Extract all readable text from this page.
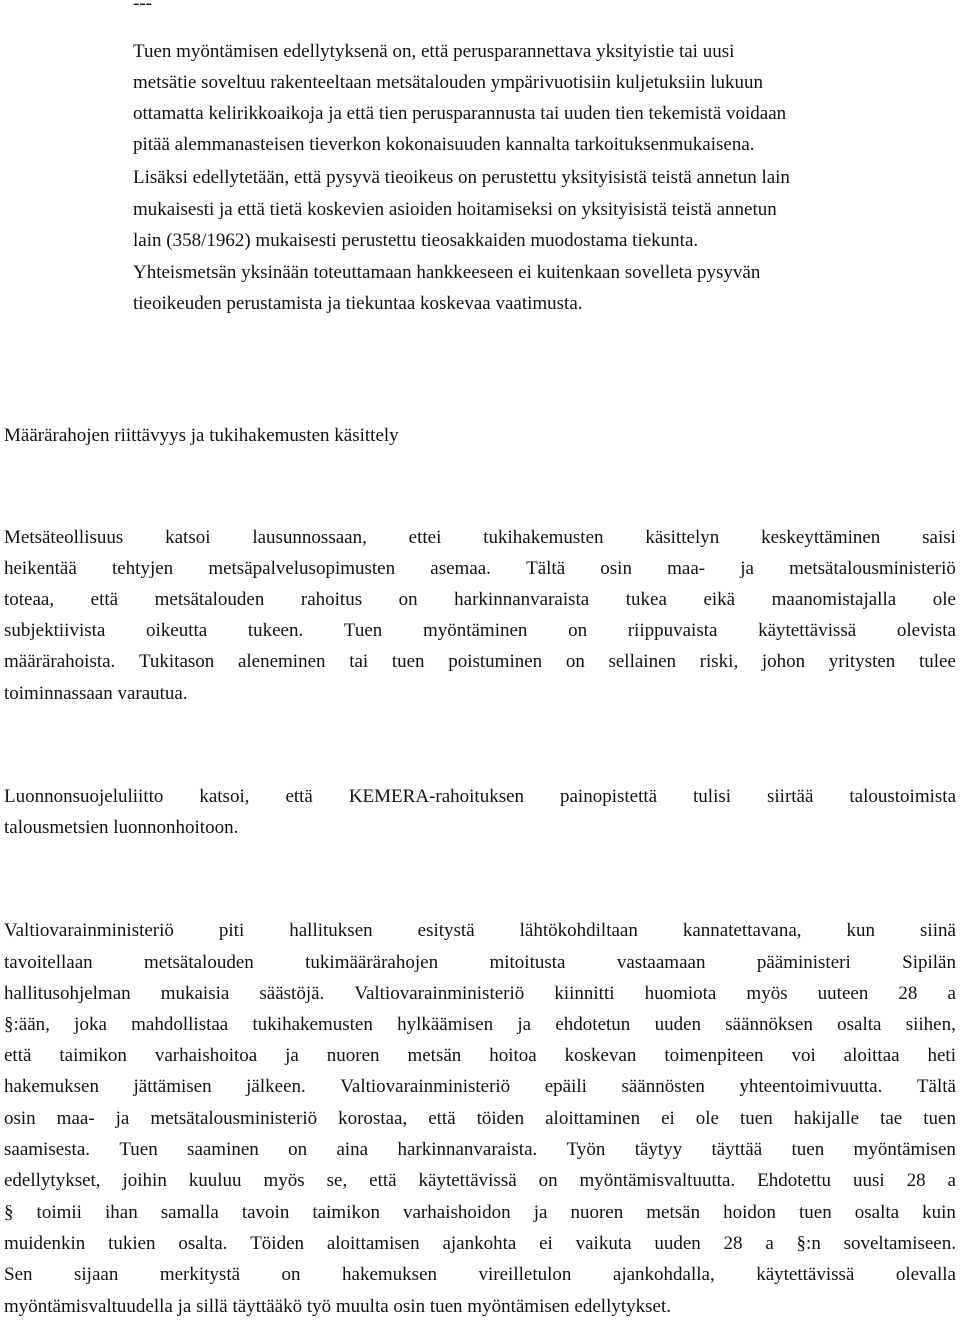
---

Tuen myöntämisen edellytyksenä on, että perusparannettava yksityistie tai uusi

metsätie soveltuu rakenteeltaan metsätalouden ympärivuotisiin kuljetuksiin lukuun

ottamatta kelirikkoaikoja ja että tien perusparannusta tai uuden tien tekemistä voidaan

pitää alemmanasteisen tieverkon kokonaisuuden kannalta tarkoituksenmukaisena.

Lisäksi edellytetään, että pysyvä tieoikeus on perustettu yksityisistä teistä annetun lain

mukaisesti ja että tietä koskevien asioiden hoitamiseksi on yksityisistä teistä annetun

lain (358/1962) mukaisesti perustettu tieosakkaiden muodostama tiekunta.

Yhteismetsän yksinään toteuttamaan hankkeeseen ei kuitenkaan sovelleta pysyvän

tieoikeuden perustamista ja tiekuntaa koskevaa vaatimusta.

Määrärahojen riittävyys ja tukihakemusten käsittely

Metsäteollisuus katsoi lausunnossaan, ettei tukihakemusten käsittelyn keskeyttäminen saisi

heikentää tehtyjen metsäpalvelusopimusten asemaa. Tältä osin maa- ja metsätalousministeriö

toteaa, että metsätalouden rahoitus on harkinnanvaraista tukea eikä maanomistajalla ole

subjektiivista oikeutta tukeen. Tuen myöntäminen on riippuvaista käytettävissä olevista

määrärahoista. Tukitason aleneminen tai tuen poistuminen on sellainen riski, johon yritysten tulee

toiminnassaan varautua.

Luonnonsuojeluliitto katsoi, että KEMERA-rahoituksen painopistettä tulisi siirtää taloustoimista

talousmetsien luonnonhoitoon.

Valtiovarainministeriö piti hallituksen esitystä lähtökohdiltaan kannatettavana, kun siinä

tavoitellaan	metsätalouden	tukimäärärahojen	mitoitusta	vastaamaan	pääministeri	Sipilän

hallitusohjelman mukaisia säästöjä. Valtiovarainministeriö kiinnitti huomiota myös uuteen 28 a

§:ään, joka mahdollistaa tukihakemusten hylkäämisen ja ehdotetun uuden säännöksen osalta siihen,

että taimikon varhaishoitoa ja nuoren metsän hoitoa koskevan toimenpiteen voi aloittaa heti

hakemuksen jättämisen jälkeen. Valtiovarainministeriö epäili säännösten yhteentoimivuutta. Tältä

osin maa- ja metsätalousministeriö korostaa, että töiden aloittaminen ei ole tuen hakijalle tae tuen

saamisesta. Tuen saaminen on aina harkinnanvaraista. Työn täytyy täyttää tuen myöntämisen

edellytykset, joihin kuuluu myös se, että käytettävissä on myöntämisvaltuutta. Ehdotettu uusi 28 a

§ toimii ihan samalla tavoin taimikon varhaishoidon ja nuoren metsän hoidon tuen osalta kuin

muidenkin tukien osalta. Töiden aloittamisen ajankohta ei vaikuta uuden 28 a §:n soveltamiseen.

Sen sijaan merkitystä on hakemuksen vireilletulon ajankohdalla, käytettävissä olevalla

myöntämisvaltuudella ja sillä täyttääkö työ muulta osin tuen myöntämisen edellytykset.
